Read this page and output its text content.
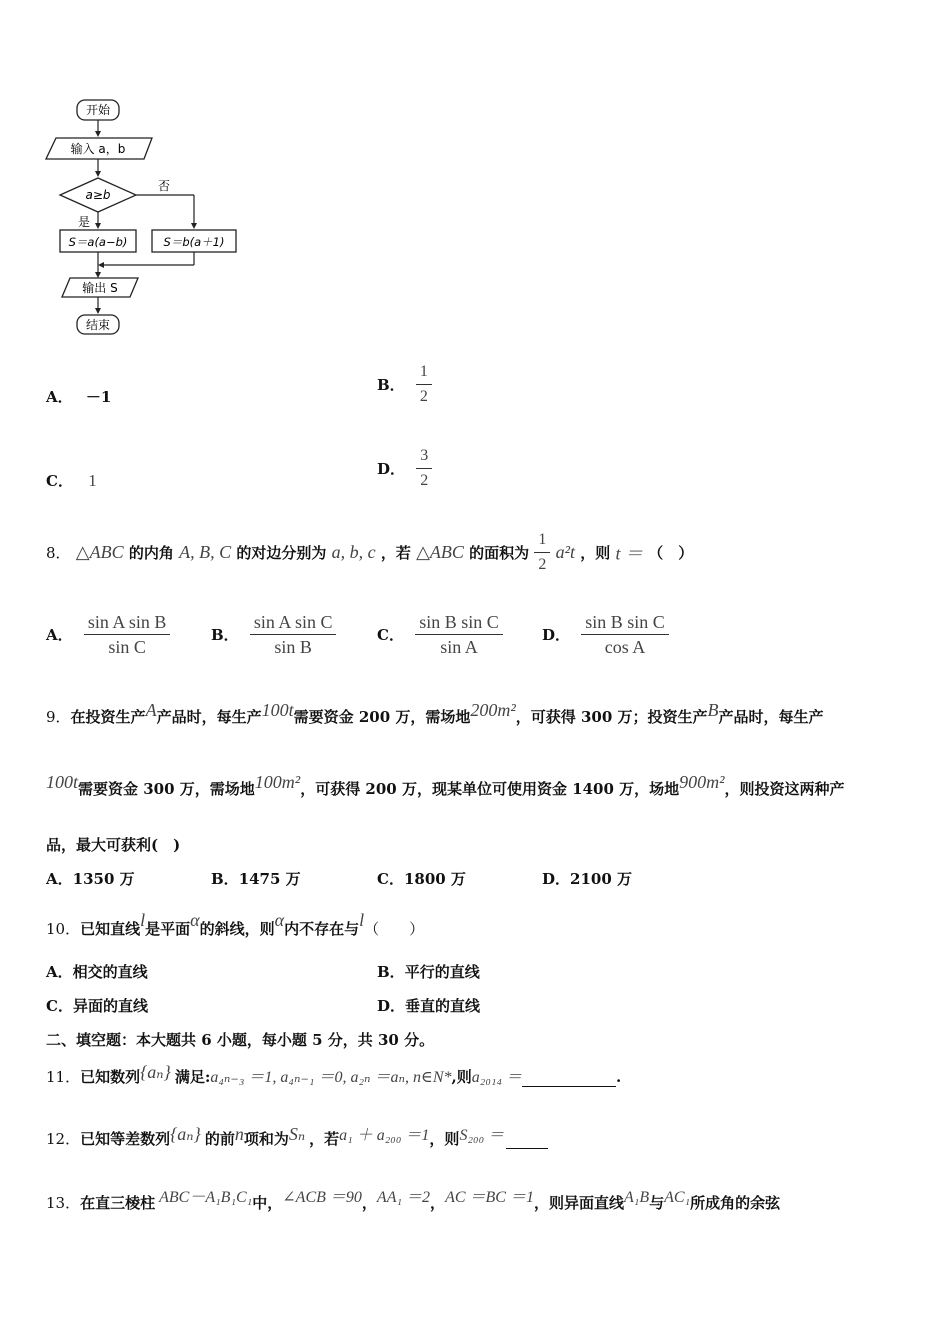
开始
输入 a，b
a≥b
否
是
S＝a(a−b)	S＝b(a＋1)
输出 S
结束
A． －1
B． $\frac{1}{2}$
C． 1
D． $\frac{3}{2}$
8． △ABC 的内角 A, B, C 的对边分别为 a, b, c ，若 △ABC 的面积为 $\frac{1}{2} a^2t$ ，则 t ＝ （　）
A． $\frac{\text{sin A sin B}}{\text{sin C}}$	B． $\frac{\text{sin A sin C}}{\text{sin B}}$	C． $\frac{\text{sin B sin C}}{\text{sin A}}$	D． $\frac{\text{sin B sin C}}{\text{cos A}}$
9．在投资生产A产品时，每生产100t需要资金 200 万，需场地200m²，可获得 300 万；投资生产B产品时，每生产
100t需要资金 300 万，需场地100m²，可获得 200 万，现某单位可使用资金 1400 万，场地900m²，则投资这两种产
品，最大可获利(　)
A．1350 万	B．1475 万	C．1800 万	D．2100 万
10．已知直线l是平面α的斜线，则α内不存在与l（　　）
A．相交的直线	B．平行的直线
C．异面的直线	D．垂直的直线
二、填空题：本大题共 6 小题，每小题 5 分，共 30 分。
11．已知数列{aₙ} 满足:a₄ₙ₋₃ ＝1, a₄ₙ₋₁ ＝0, a₂ₙ ＝aₙ, n∈N*,则a₂₀₁₄ ＝	.
12．已知等差数列{aₙ} 的前n项和为Sₙ ，若a₁ ＋ a₂₀₀ ＝1，则S₂₀₀ ＝
13．在直三棱柱 ABC－A₁B₁C₁中，∠ACB ＝90，AA₁ ＝2，AC ＝BC ＝1，则异面直线A₁B与AC₁所成角的余弦
